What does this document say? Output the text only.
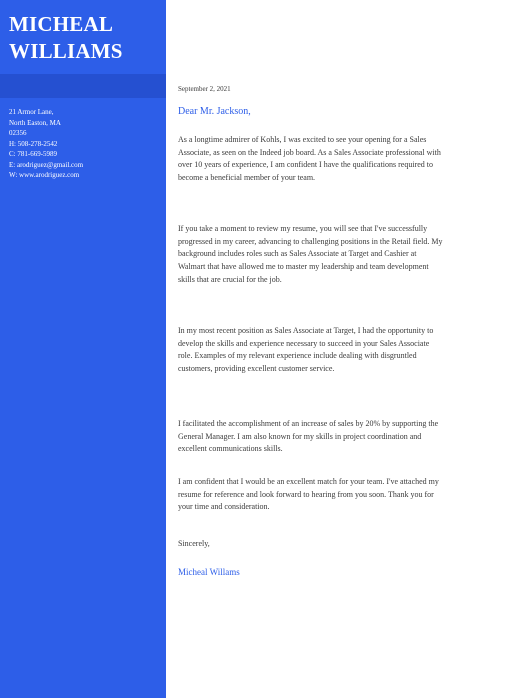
MICHEAL
WILLIAMS
21 Armor Lane,
North Easton, MA
02356
H: 508-278-2542
C: 781-669-5989
E: arodriguez@gmail.com
W: www.arodriguez.com
September 2, 2021
Dear Mr. Jackson,
As a longtime admirer of Kohls, I was excited to see your opening for a Sales Associate, as seen on the Indeed job board. As a Sales Associate professional with over 10 years of experience, I am confident I have the qualifications required to become a beneficial member of your team.
If you take a moment to review my resume, you will see that I've successfully progressed in my career, advancing to challenging positions in the Retail field. My background includes roles such as Sales Associate at Target and Cashier at Walmart that have allowed me to master my leadership and team development skills that are crucial for the job.
In my most recent position as Sales Associate at Target, I had the opportunity to develop the skills and experience necessary to succeed in your Sales Associate role. Examples of my relevant experience include dealing with disgruntled customers, providing excellent customer service.
I facilitated the accomplishment of an increase of sales by 20% by supporting the General Manager. I am also known for my skills in project coordination and excellent communications skills.
I am confident that I would be an excellent match for your team. I've attached my resume for reference and look forward to hearing from you soon. Thank you for your time and consideration.
Sincerely,
Micheal Willams
